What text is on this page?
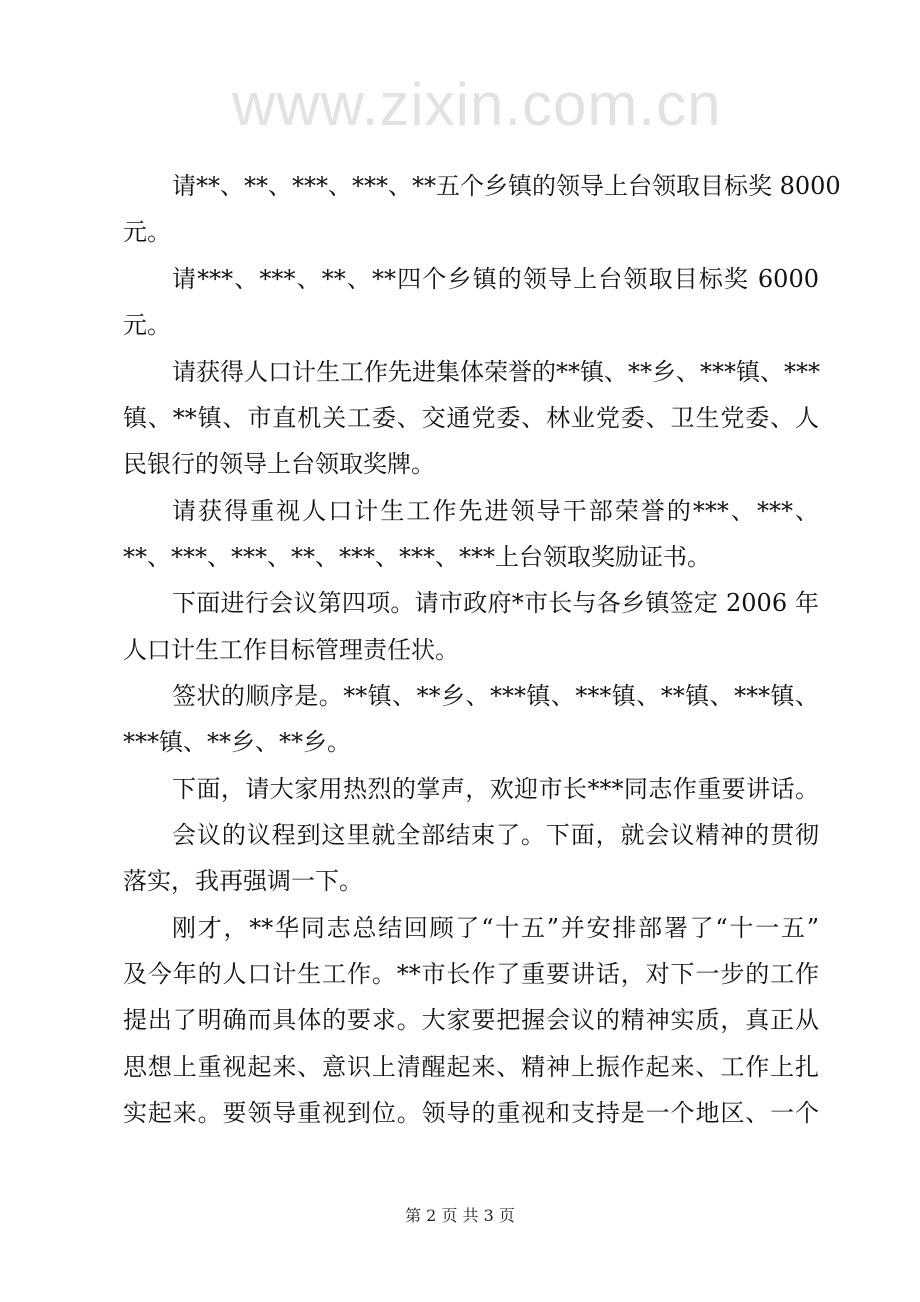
www.zixin.com.cn
请**、**、***、***、**五个乡镇的领导上台领取目标奖 8000
元。
请***、***、**、**四个乡镇的领导上台领取目标奖 6000
元。
请获得人口计生工作先进集体荣誉的**镇、**乡、***镇、***
镇、**镇、市直机关工委、交通党委、林业党委、卫生党委、人
民银行的领导上台领取奖牌。
请获得重视人口计生工作先进领导干部荣誉的***、***、
**、***、***、**、***、***、***上台领取奖励证书。
下面进行会议第四项。请市政府*市长与各乡镇签定 2006 年
人口计生工作目标管理责任状。
签状的顺序是。**镇、**乡、***镇、***镇、**镇、***镇、
***镇、**乡、**乡。
下面，请大家用热烈的掌声，欢迎市长***同志作重要讲话。
会议的议程到这里就全部结束了。下面，就会议精神的贯彻
落实，我再强调一下。
刚才，**华同志总结回顾了“十五”并安排部署了“十一五”
及今年的人口计生工作。**市长作了重要讲话，对下一步的工作
提出了明确而具体的要求。大家要把握会议的精神实质，真正从
思想上重视起来、意识上清醒起来、精神上振作起来、工作上扎
实起来。要领导重视到位。领导的重视和支持是一个地区、一个
第 2 页 共 3 页
